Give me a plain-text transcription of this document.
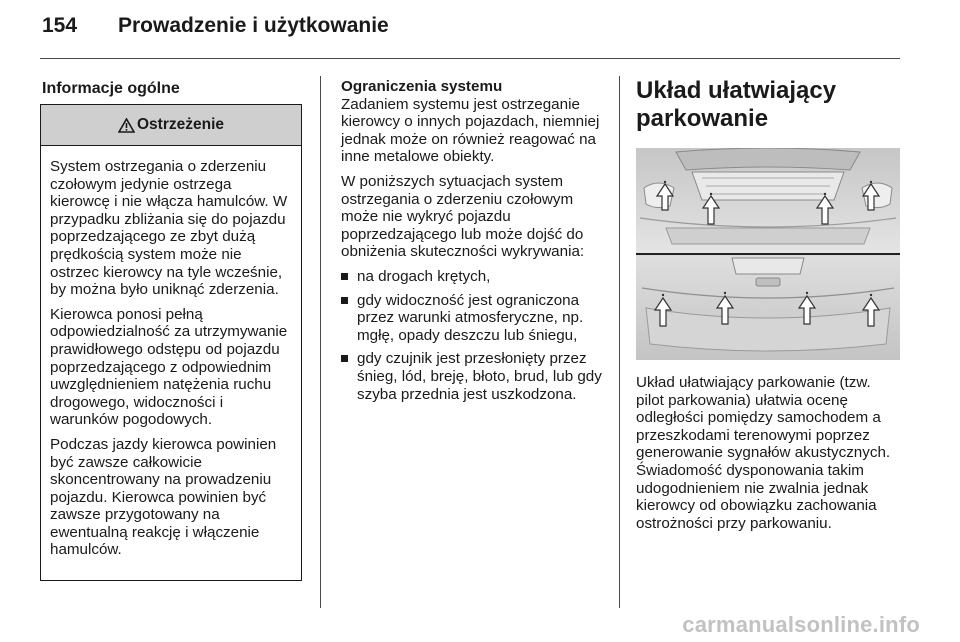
154 Prowadzenie i użytkowanie
Informacje ogólne
Ostrzeżenie

System ostrzegania o zderzeniu czołowym jedynie ostrzega kierowcę i nie włącza hamulców. W przypadku zbliżania się do pojazdu poprzedzającego ze zbyt dużą prędkością system może nie ostrzec kierowcy na tyle wcześnie, by można było uniknąć zderzenia.

Kierowca ponosi pełną odpowiedzialność za utrzymywanie prawidłowego odstępu od pojazdu poprzedzającego z odpowiednim uwzględnieniem natężenia ruchu drogowego, widoczności i warunków pogodowych.

Podczas jazdy kierowca powinien być zawsze całkowicie skoncentrowany na prowadzeniu pojazdu. Kierowca powinien być zawsze przygotowany na ewentualną reakcję i włączenie hamulców.

Ograniczenia systemu

Zadaniem systemu jest ostrzeganie kierowcy o innych pojazdach, niemniej jednak może on również reagować na inne metalowe obiekty.

W poniższych sytuacjach system ostrzegania o zderzeniu czołowym może nie wykryć pojazdu poprzedzającego lub może dojść do obniżenia skuteczności wykrywania:

na drogach krętych,
gdy widoczność jest ograniczona przez warunki atmosferyczne, np. mgłę, opady deszczu lub śniegu,
gdy czujnik jest przesłonięty przez śnieg, lód, breję, błoto, brud, lub gdy szyba przednia jest uszkodzona.
Układ ułatwiający parkowanie

Układ ułatwiający parkowanie (tzw. pilot parkowania) ułatwia ocenę odległości pomiędzy samochodem a przeszkodami terenowymi poprzez generowanie sygnałów akustycznych. Świadomość dysponowania takim udogodnieniem nie zwalnia jednak kierowcy od obowiązku zachowania ostrożności przy parkowaniu.

carmanualsonline.info
